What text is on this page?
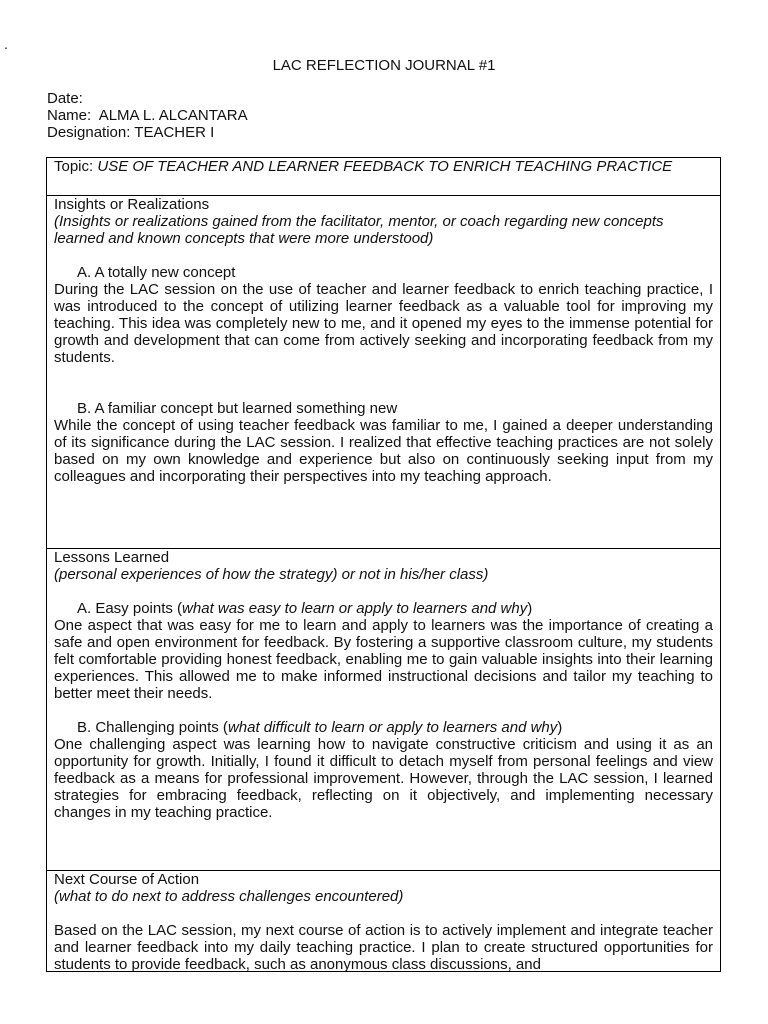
.
LAC REFLECTION JOURNAL #1
Date:
Name: ALMA L. ALCANTARA
Designation: TEACHER I
Topic: USE OF TEACHER AND LEARNER FEEDBACK TO ENRICH TEACHING PRACTICE
Insights or Realizations
(Insights or realizations gained from the facilitator, mentor, or coach regarding new concepts learned and known concepts that were more understood)
A. A totally new concept
During the LAC session on the use of teacher and learner feedback to enrich teaching practice, I was introduced to the concept of utilizing learner feedback as a valuable tool for improving my teaching. This idea was completely new to me, and it opened my eyes to the immense potential for growth and development that can come from actively seeking and incorporating feedback from my students.
B. A familiar concept but learned something new
While the concept of using teacher feedback was familiar to me, I gained a deeper understanding of its significance during the LAC session. I realized that effective teaching practices are not solely based on my own knowledge and experience but also on continuously seeking input from my colleagues and incorporating their perspectives into my teaching approach.
Lessons Learned
(personal experiences of how the strategy) or not in his/her class)
A. Easy points (what was easy to learn or apply to learners and why)
One aspect that was easy for me to learn and apply to learners was the importance of creating a safe and open environment for feedback. By fostering a supportive classroom culture, my students felt comfortable providing honest feedback, enabling me to gain valuable insights into their learning experiences. This allowed me to make informed instructional decisions and tailor my teaching to better meet their needs.
B. Challenging points (what difficult to learn or apply to learners and why)
One challenging aspect was learning how to navigate constructive criticism and using it as an opportunity for growth. Initially, I found it difficult to detach myself from personal feelings and view feedback as a means for professional improvement. However, through the LAC session, I learned strategies for embracing feedback, reflecting on it objectively, and implementing necessary changes in my teaching practice.
Next Course of Action
(what to do next to address challenges encountered)
Based on the LAC session, my next course of action is to actively implement and integrate teacher and learner feedback into my daily teaching practice. I plan to create structured opportunities for students to provide feedback, such as anonymous class discussions, and
